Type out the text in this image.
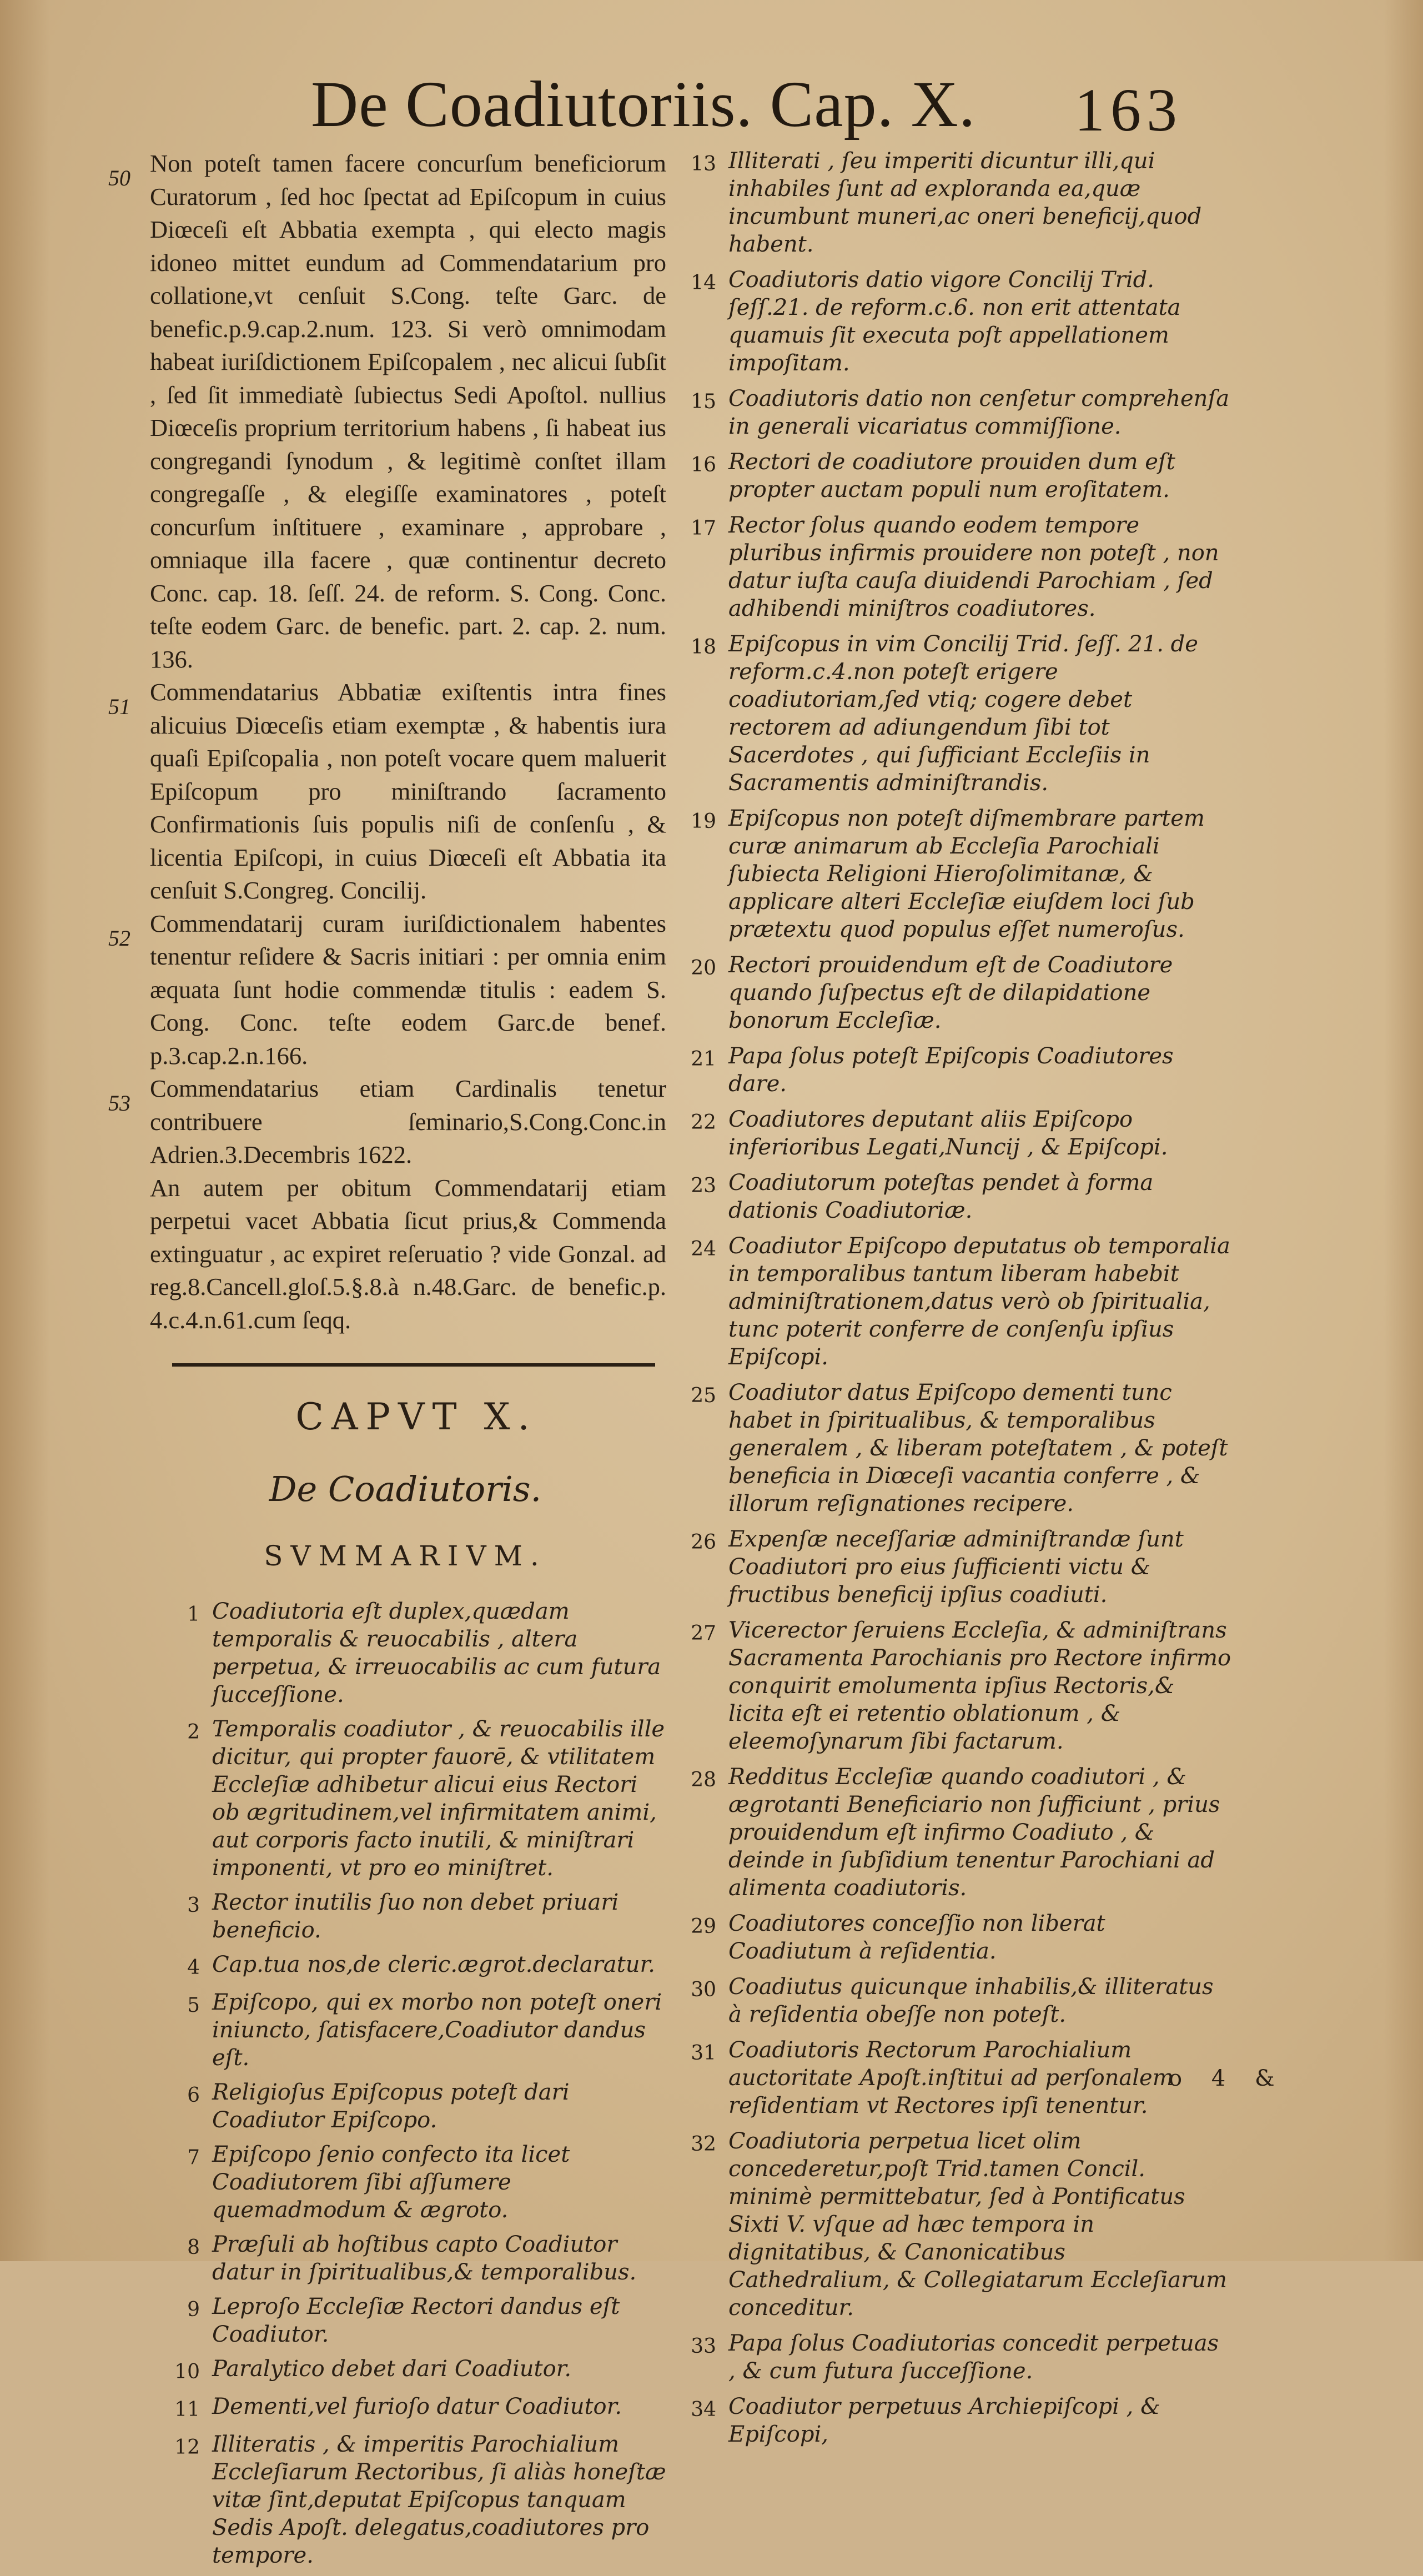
De Coadiutoriis. Cap. X.	163
50
Non poteſt tamen facere concurſum beneficiorum Curatorum , ſed hoc ſpectat ad Epiſcopum in cuius Diœceſi eſt Abbatia exempta , qui electo magis idoneo mittet eundum ad Commendatarium pro collatione,vt cenſuit S.Cong. teſte Garc. de benefic.p.9.cap.2.num. 123. Si verò omnimodam habeat iuriſdictionem Epiſcopalem , nec alicui ſubſit , ſed ſit immediatè ſubiectus Sedi Apoſtol. nullius Diœceſis proprium territorium habens , ſi habeat ius congregandi ſynodum , & legitimè conſtet illam congregaſſe , & elegiſſe examinatores , poteſt concurſum inſtituere , examinare , approbare , omniaque illa facere , quæ continentur decreto Conc. cap. 18. ſeſſ. 24. de reform. S. Cong. Conc. teſte eodem Garc. de benefic. part. 2. cap. 2. num. 136.
51
Commendatarius Abbatiæ exiſtentis intra fines alicuius Diœceſis etiam exemptæ , & habentis iura quaſi Epiſcopalia , non poteſt vocare quem maluerit Epiſcopum pro miniſtrando ſacramento Confirmationis ſuis populis niſi de conſenſu , & licentia Epiſcopi, in cuius Diœceſi eſt Abbatia ita cenſuit S.Congreg. Concilij.
52
Commendatarij curam iuriſdictionalem habentes tenentur reſidere & Sacris initiari : per omnia enim æquata ſunt hodie commendæ titulis : eadem S. Cong. Conc. teſte eodem Garc.de benef. p.3.cap.2.n.166.
53
Commendatarius etiam Cardinalis tenetur contribuere ſeminario,S.Cong.Conc.in Adrien.3.Decembris 1622.
An autem per obitum Commendatarij etiam perpetui vacet Abbatia ſicut prius,& Commenda extinguatur , ac expiret reſeruatio ? vide Gonzal. ad reg.8.Cancell.gloſ.5.§.8.à n.48.Garc. de benefic.p. 4.c.4.n.61.cum ſeqq.
CAPVT X.
De Coadiutoris.
SVMMARIVM.
1 Coadiutoria eſt duplex,quædam temporalis & reuocabilis , altera perpetua, & irreuocabilis ac cum futura ſucceſſione.
2 Temporalis coadiutor , & reuocabilis ille dicitur, qui propter fauorē, & vtilitatem Eccleſiæ adhibetur alicui eius Rectori ob ægritudinem,vel infirmitatem animi, aut corporis facto inutili, & miniſtrari imponenti, vt pro eo miniſtret.
3 Rector inutilis ſuo non debet priuari beneficio.
4 Cap.tua nos,de cleric.ægrot.declaratur.
5 Epiſcopo, qui ex morbo non poteſt oneri iniuncto, ſatisfacere,Coadiutor dandus eſt.
6 Religioſus Epiſcopus poteſt dari Coadiutor Epiſcopo.
7 Epiſcopo ſenio confecto ita licet Coadiutorem ſibi aſſumere quemadmodum & ægroto.
8 Præſuli ab hoſtibus capto Coadiutor datur in ſpiritualibus,& temporalibus.
9 Leproſo Eccleſiæ Rectori dandus eſt Coadiutor.
10 Paralytico debet dari Coadiutor.
11 Dementi,vel furioſo datur Coadiutor.
12 Illiteratis , & imperitis Parochialium Eccleſiarum Rectoribus, ſi aliàs honeſtæ vitæ ſint,deputat Epiſcopus tanquam Sedis Apoſt. delegatus,coadiutores pro tempore.
13 Illiterati , ſeu imperiti dicuntur illi,qui inhabiles ſunt ad exploranda ea,quæ incumbunt muneri,ac oneri beneficij,quod habent.
14 Coadiutoris datio vigore Concilij Trid. ſeſſ.21. de reform.c.6. non erit attentata quamuis ſit executa poſt appellationem impoſitam.
15 Coadiutoris datio non cenſetur comprehenſa in generali vicariatus commiſſione.
16 Rectori de coadiutore prouiden dum eſt propter auctam populi num eroſitatem.
17 Rector ſolus quando eodem tempore pluribus infirmis prouidere non poteſt , non datur iuſta cauſa diuidendi Parochiam , ſed adhibendi miniſtros coadiutores.
18 Epiſcopus in vim Concilij Trid. ſeſſ. 21. de reform.c.4.non poteſt erigere coadiutoriam,ſed vtiq; cogere debet rectorem ad adiungendum ſibi tot Sacerdotes , qui ſufficiant Eccleſiis in Sacramentis adminiſtrandis.
19 Epiſcopus non poteſt diſmembrare partem curæ animarum ab Eccleſia Parochiali ſubiecta Religioni Hieroſolimitanæ, & applicare alteri Eccleſiæ eiuſdem loci ſub prætextu quod populus eſſet numeroſus.
20 Rectori prouidendum eſt de Coadiutore quando ſuſpectus eſt de dilapidatione bonorum Eccleſiæ.
21 Papa ſolus poteſt Epiſcopis Coadiutores dare.
22 Coadiutores deputant aliis Epiſcopo inferioribus Legati,Nuncij , & Epiſcopi.
23 Coadiutorum poteſtas pendet à forma dationis Coadiutoriæ.
24 Coadiutor Epiſcopo deputatus ob temporalia in temporalibus tantum liberam habebit adminiſtrationem,datus verò ob ſpiritualia, tunc poterit conferre de conſenſu ipſius Epiſcopi.
25 Coadiutor datus Epiſcopo dementi tunc habet in ſpiritualibus, & temporalibus generalem , & liberam poteſtatem , & poteſt beneficia in Diœceſi vacantia conferre , & illorum reſignationes recipere.
26 Expenſæ neceſſariæ adminiſtrandæ ſunt Coadiutori pro eius ſufficienti victu & fructibus beneficij ipſius coadiuti.
27 Vicerector ſeruiens Eccleſia, & adminiſtrans Sacramenta Parochianis pro Rectore infirmo conquirit emolumenta ipſius Rectoris,& licita eſt ei retentio oblationum , & eleemoſynarum ſibi factarum.
28 Redditus Eccleſiæ quando coadiutori , & ægrotanti Beneficiario non ſufficiunt , prius prouidendum eſt infirmo Coadiuto , & deinde in ſubſidium tenentur Parochiani ad alimenta coadiutoris.
29 Coadiutores conceſſio non liberat Coadiutum à reſidentia.
30 Coadiutus quicunque inhabilis,& illiteratus à reſidentia obeſſe non poteſt.
31 Coadiutoris Rectorum Parochialium auctoritate Apoſt.inſtitui ad perſonalem reſidentiam vt Rectores ipſi tenentur.
32 Coadiutoria perpetua licet olim concederetur,poſt Trid.tamen Concil. minimè permittebatur, ſed à Pontificatus Sixti V. vſque ad hæc tempora in dignitatibus, & Canonicatibus Cathedralium, & Collegiatarum Eccleſiarum conceditur.
33 Papa ſolus Coadiutorias concedit perpetuas , & cum futura ſucceſſione.
34 Coadiutor perpetuus Archiepiſcopi , & Epiſcopi,
o 4 &
